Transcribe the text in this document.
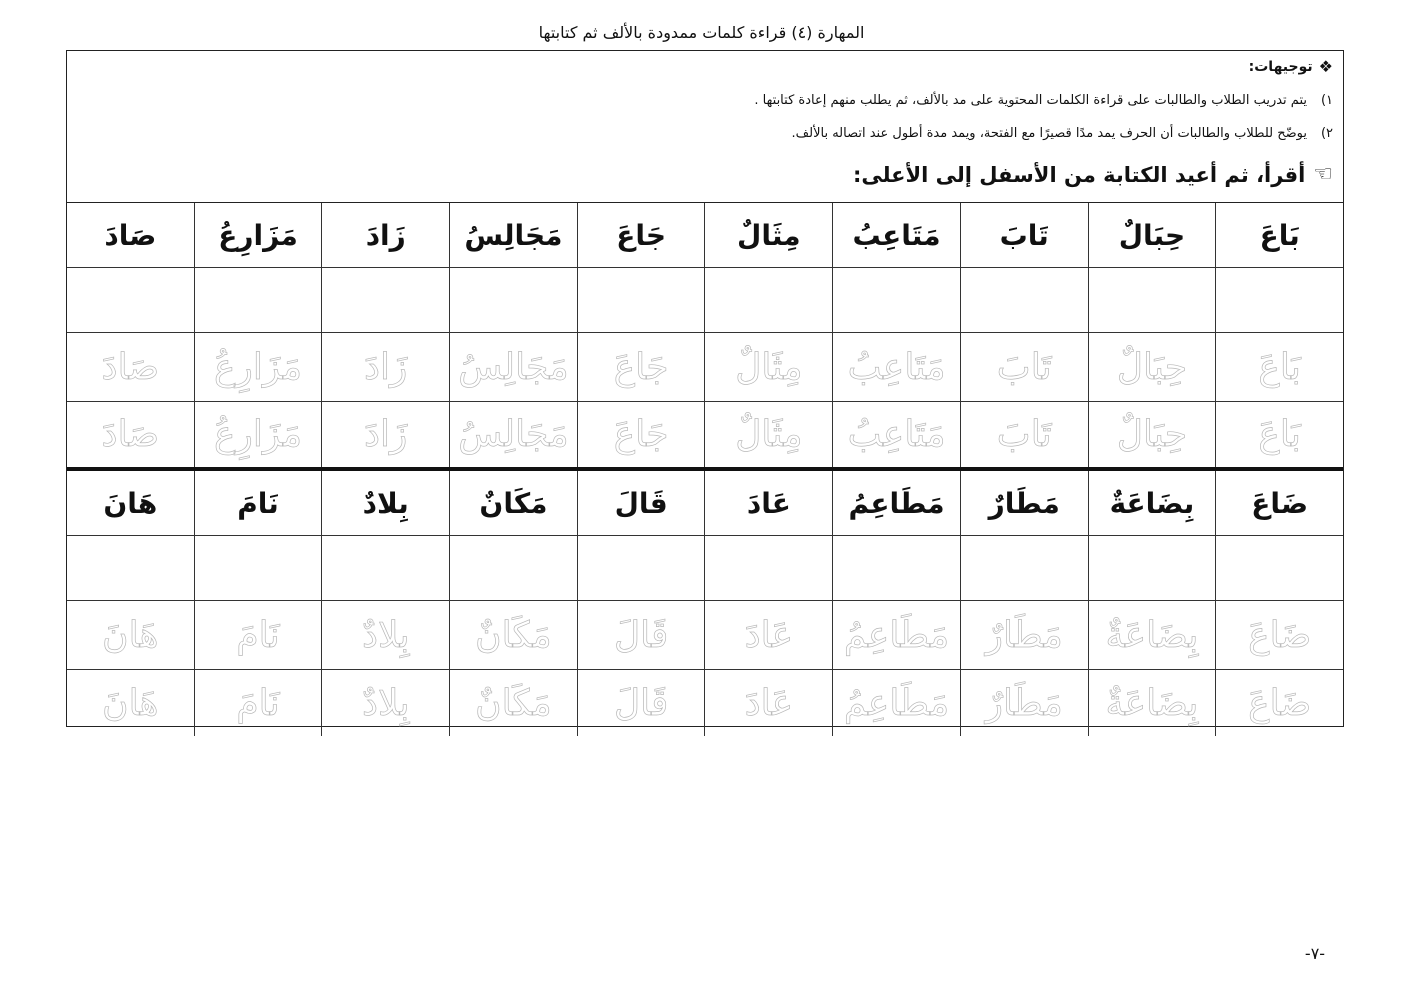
المهارة (٤) قراءة كلمات ممدودة بالألف ثم كتابتها
❖
توجيهات:
١)
يتم تدريب الطلاب والطالبات على قراءة الكلمات المحتوية على مد بالألف، ثم يطلب منهم إعادة كتابتها .
٢)
يوضّح للطلاب والطالبات أن الحرف يمد مدًا قصيرًا مع الفتحة، ويمد مدة أطول عند اتصاله بالألف.
☜
أقرأ، ثم أعيد الكتابة من الأسفل إلى الأعلى:
بَاعَ
حِبَالٌ
تَابَ
مَتَاعِبُ
مِثَالٌ
جَاعَ
مَجَالِسُ
زَادَ
مَزَارِعُ
صَادَ
بَاعَ
حِبَالٌ
تَابَ
مَتَاعِبُ
مِثَالٌ
جَاعَ
مَجَالِسُ
زَادَ
مَزَارِعُ
صَادَ
بَاعَ
حِبَالٌ
تَابَ
مَتَاعِبُ
مِثَالٌ
جَاعَ
مَجَالِسُ
زَادَ
مَزَارِعُ
صَادَ
ضَاعَ
بِضَاعَةٌ
مَطَارٌ
مَطَاعِمُ
عَادَ
قَالَ
مَكَانٌ
بِلادٌ
نَامَ
هَانَ
ضَاعَ
بِضَاعَةٌ
مَطَارٌ
مَطَاعِمُ
عَادَ
قَالَ
مَكَانٌ
بِلادٌ
نَامَ
هَانَ
ضَاعَ
بِضَاعَةٌ
مَطَارٌ
مَطَاعِمُ
عَادَ
قَالَ
مَكَانٌ
بِلادٌ
نَامَ
هَانَ
-٧-
